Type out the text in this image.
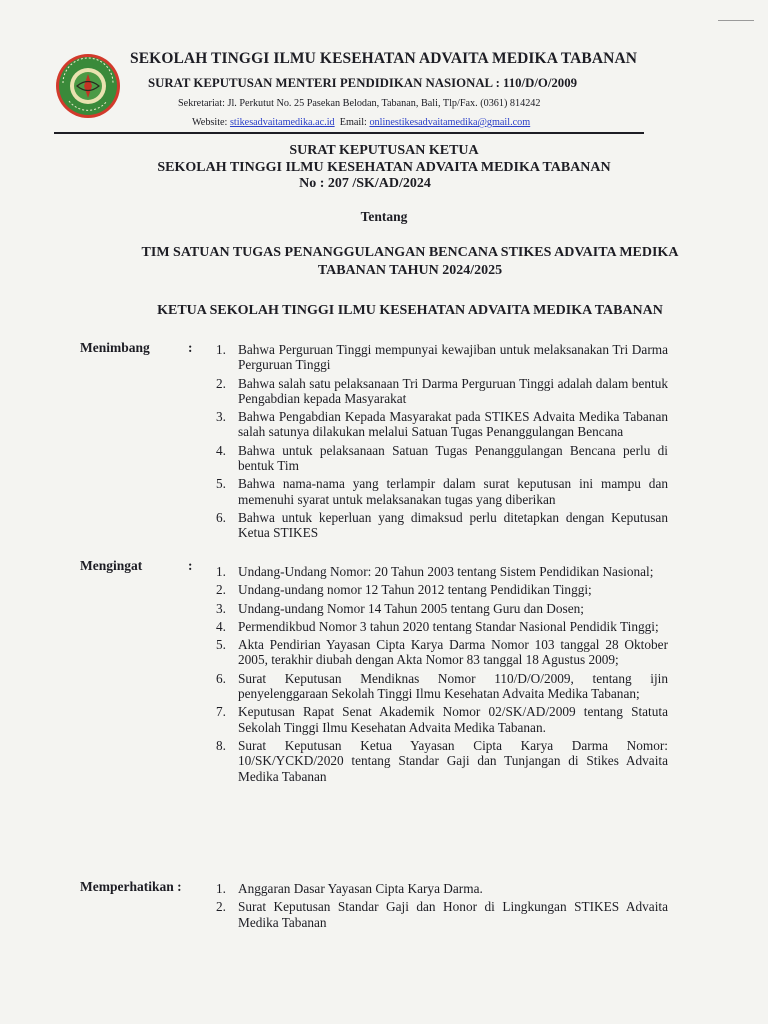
SEKOLAH TINGGI ILMU KESEHATAN ADVAITA MEDIKA TABANAN
SURAT KEPUTUSAN MENTERI PENDIDIKAN NASIONAL : 110/D/O/2009
Sekretariat: Jl. Perkutut No. 25 Pasekan Belodan, Tabanan, Bali, Tlp/Fax. (0361) 814242
Website: stikesadvaitamedika.ac.id Email: onlinestikesadvaitamedika@gmail.com
SURAT KEPUTUSAN KETUA
SEKOLAH TINGGI ILMU KESEHATAN ADVAITA MEDIKA TABANAN
No : 207 /SK/AD/2024
Tentang
TIM SATUAN TUGAS PENANGGULANGAN BENCANA STIKES ADVAITA MEDIKA TABANAN TAHUN 2024/2025
KETUA SEKOLAH TINGGI ILMU KESEHATAN ADVAITA MEDIKA TABANAN
Menimbang	: 1. Bahwa Perguruan Tinggi mempunyai kewajiban untuk melaksanakan Tri Darma Perguruan Tinggi
2. Bahwa salah satu pelaksanaan Tri Darma Perguruan Tinggi adalah dalam bentuk Pengabdian kepada Masyarakat
3. Bahwa Pengabdian Kepada Masyarakat pada STIKES Advaita Medika Tabanan salah satunya dilakukan melalui Satuan Tugas Penanggulangan Bencana
4. Bahwa untuk pelaksanaan Satuan Tugas Penanggulangan Bencana perlu di bentuk Tim
5. Bahwa nama-nama yang terlampir dalam surat keputusan ini mampu dan memenuhi syarat untuk melaksanakan tugas yang diberikan
6. Bahwa untuk keperluan yang dimaksud perlu ditetapkan dengan Keputusan Ketua STIKES
Mengingat	: 1. Undang-Undang Nomor: 20 Tahun 2003 tentang Sistem Pendidikan Nasional;
2. Undang-undang nomor 12 Tahun 2012 tentang Pendidikan Tinggi;
3. Undang-undang Nomor 14 Tahun 2005 tentang Guru dan Dosen;
4. Permendikbud Nomor 3 tahun 2020 tentang Standar Nasional Pendidik Tinggi;
5. Akta Pendirian Yayasan Cipta Karya Darma Nomor 103 tanggal 28 Oktober 2005, terakhir diubah dengan Akta Nomor 83 tanggal 18 Agustus 2009;
6. Surat Keputusan Mendiknas Nomor 110/D/O/2009, tentang ijin penyelenggaraan Sekolah Tinggi Ilmu Kesehatan Advaita Medika Tabanan;
7. Keputusan Rapat Senat Akademik Nomor 02/SK/AD/2009 tentang Statuta Sekolah Tinggi Ilmu Kesehatan Advaita Medika Tabanan.
8. Surat Keputusan Ketua Yayasan Cipta Karya Darma Nomor: 10/SK/YCKD/2020 tentang Standar Gaji dan Tunjangan di Stikes Advaita Medika Tabanan
Memperhatikan :	1. Anggaran Dasar Yayasan Cipta Karya Darma.
2. Surat Keputusan Standar Gaji dan Honor di Lingkungan STIKES Advaita Medika Tabanan
